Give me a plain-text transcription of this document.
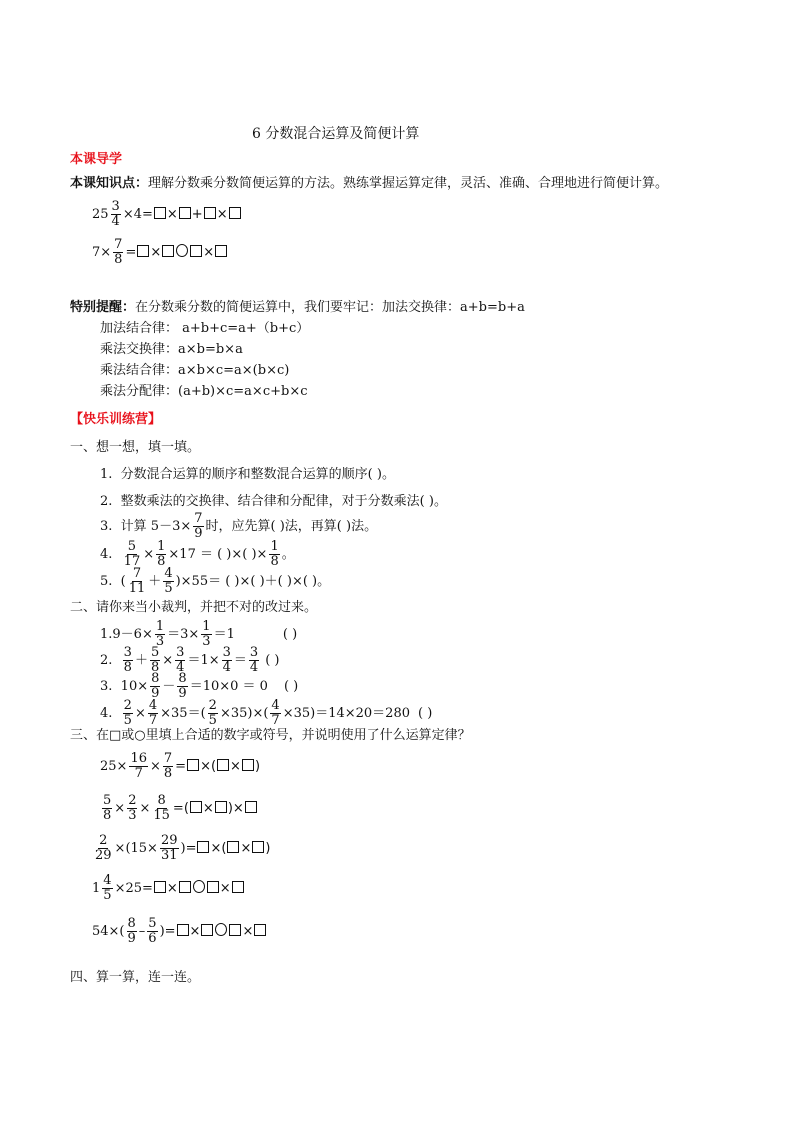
6 分数混合运算及简便计算
本课导学
本课知识点：理解分数乘分数简便运算的方法。熟练掌握运算定律，灵活、准确、合理地进行简便计算。
$25 \frac{3}{4} \times 4=$	× + ×
$7\times \frac{7}{8}$ =	×	×
特别提醒：在分数乘分数的简便运算中，我们要牢记：加法交换律：a+b=b+a
加法结合律： a+b+c=a+（b+c）
乘法交换律：a×b=b×a
乘法结合律：a×b×c=a×(b×c)
乘法分配律：(a+b)×c=a×c+b×c
【快乐训练营】
一、想一想，填一填。
1. 分数混合运算的顺序和整数混合运算的顺序( )。
2. 整数乘法的交换律、结合律和分配律，对于分数乘法( )。
3.
计算 $5-3\times \frac{7}{9}$ 时，应先算( )法，再算( )法。
4.
$\frac{5}{17} \times \frac{1}{8} \times 17$ ＝ ( )×( )× $\frac{1}{8}$ 。
5.
( $\frac{7}{11} + \frac{4}{5} )\times 55=$ ( )×( )＋( )×( )。
二、请你来当小裁判，并把不对的改过来。
1. $9-6\times \frac{1}{3} =3\times \frac{1}{3} =1$	( )
2.
$\frac{3}{8} + \frac{5}{8} \times \frac{3}{4} =1\times \frac{3}{4} = \frac{3}{4}$ ( )
3.
$10\times \frac{8}{9} - \frac{8}{9} =10\times 0 = 0$ ( )
4.
$\frac{2}{5} \times \frac{4}{7} \times 35=( \frac{2}{5} \times 35)\times( \frac{4}{7} \times 35)=14\times 20=280$ ( )
三、在□或○里填上合适的数字或符号，并说明使用了什么运算定律？
$25\times \frac{16}{7} \times \frac{7}{8}$ =	×( × )
$\frac{5}{8} \times \frac{2}{3} \times \frac{8}{15}$ = ( × )×
$\frac{2}{29} \times(15\times \frac{29}{31}$ )=	×( × )
$1 \frac{4}{5} \times 25=$	×	×
$54\times( \frac{8}{9} - \frac{5}{6}$ )=	×	×
四、算一算，连一连。
